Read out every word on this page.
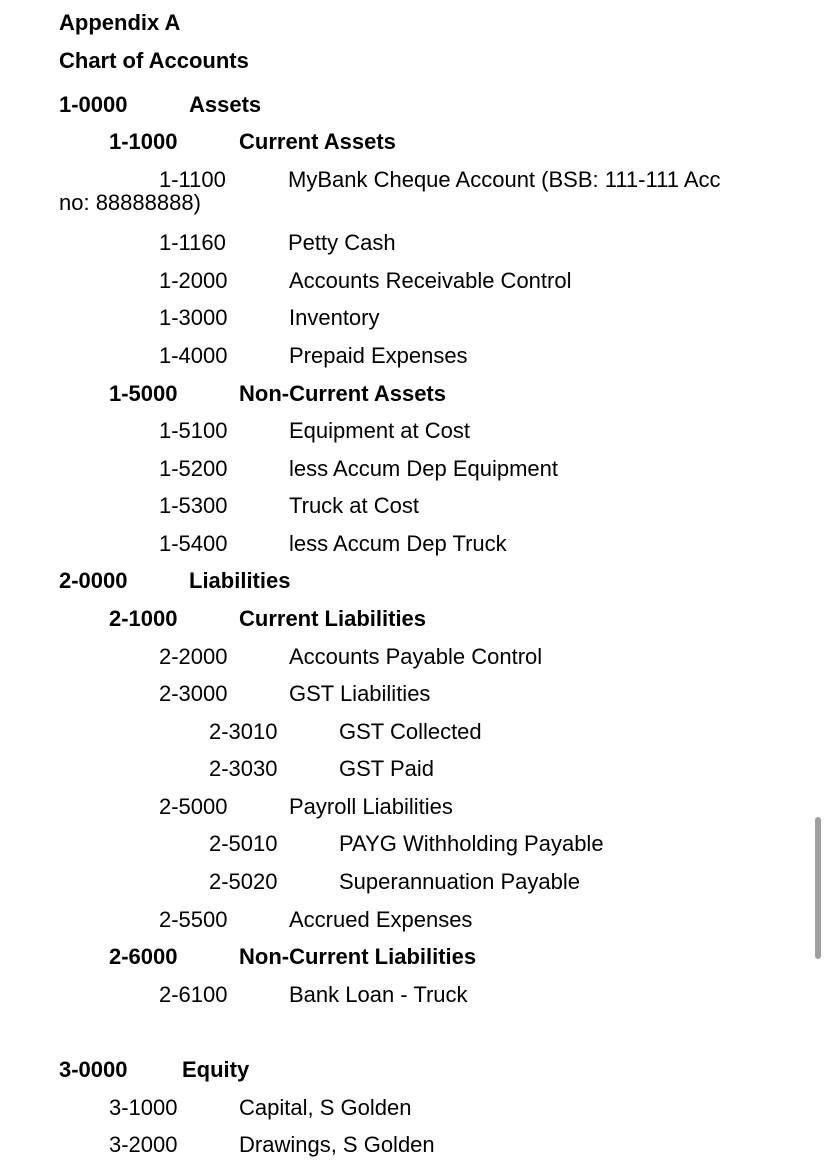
Appendix A
Chart of Accounts
1-0000	Assets
1-1000	Current Assets
1-1100	MyBank Cheque Account (BSB: 111-111 Acc
no: 88888888)
1-1160	Petty Cash
1-2000	Accounts Receivable Control
1-3000	Inventory
1-4000	Prepaid Expenses
1-5000	Non-Current Assets
1-5100	Equipment at Cost
1-5200	less Accum Dep Equipment
1-5300	Truck at Cost
1-5400	less Accum Dep Truck
2-0000	Liabilities
2-1000	Current Liabilities
2-2000	Accounts Payable Control
2-3000	GST Liabilities
2-3010	GST Collected
2-3030	GST Paid
2-5000	Payroll Liabilities
2-5010	PAYG Withholding Payable
2-5020	Superannuation Payable
2-5500	Accrued Expenses
2-6000	Non-Current Liabilities
2-6100	Bank Loan - Truck
3-0000 Equity
3-1000	Capital, S Golden
3-2000	Drawings, S Golden
